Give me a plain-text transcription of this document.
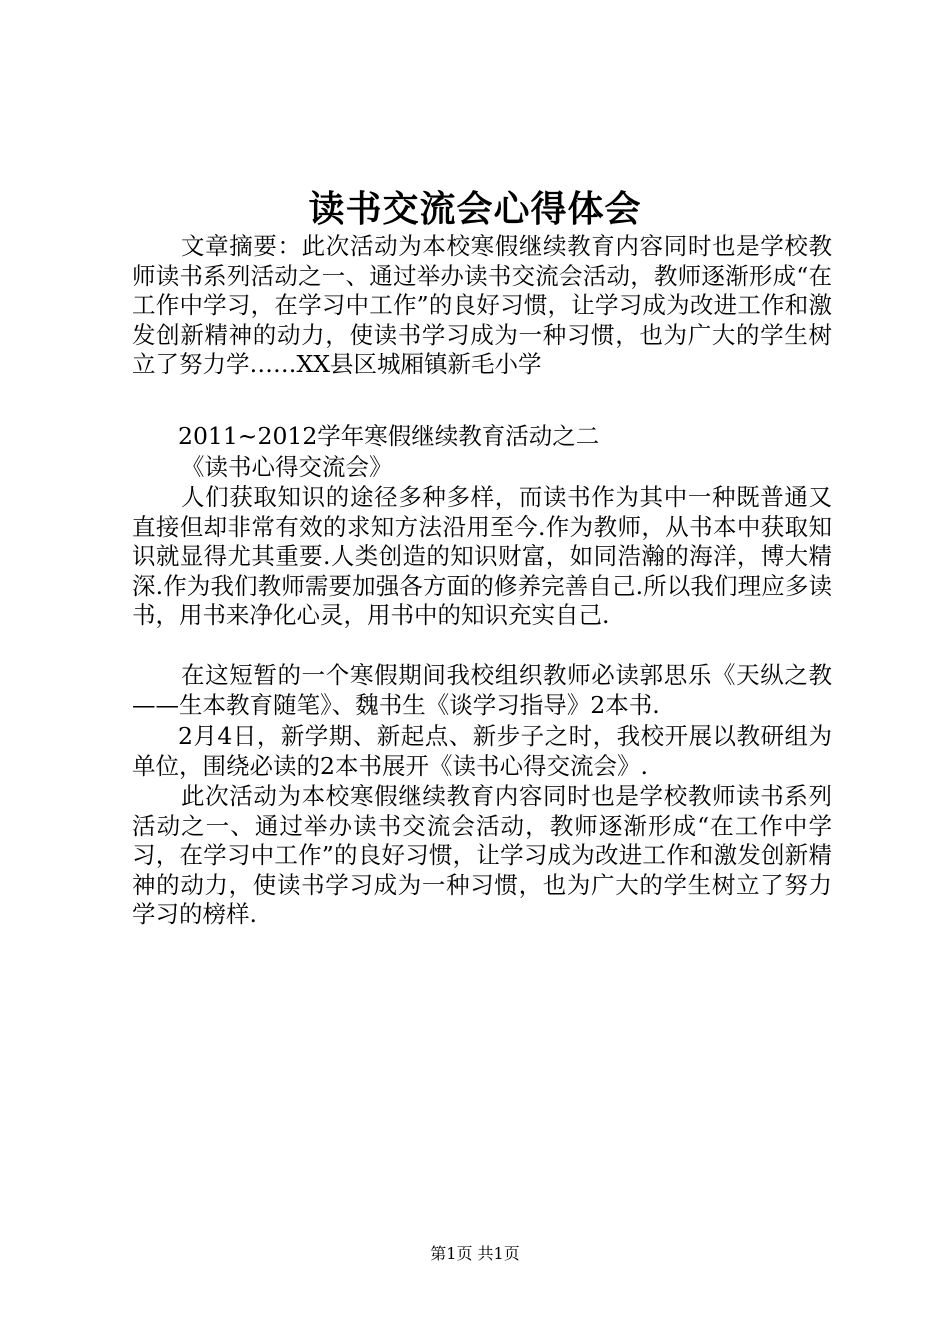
读书交流会心得体会

文章摘要：此次活动为本校寒假继续教育内容同时也是学校教师读书系列活动之一、通过举办读书交流会活动，教师逐渐形成“在工作中学习，在学习中工作”的良好习惯，让学习成为改进工作和激发创新精神的动力，使读书学习成为一种习惯，也为广大的学生树立了努力学……XX县区城厢镇新毛小学

2011~2012学年寒假继续教育活动之二

《读书心得交流会》

人们获取知识的途径多种多样，而读书作为其中一种既普通又直接但却非常有效的求知方法沿用至今.作为教师，从书本中获取知识就显得尤其重要.人类创造的知识财富，如同浩瀚的海洋，博大精深.作为我们教师需要加强各方面的修养完善自己.所以我们理应多读书，用书来净化心灵，用书中的知识充实自己.

在这短暂的一个寒假期间我校组织教师必读郭思乐《天纵之教——生本教育随笔》、魏书生《谈学习指导》2本书.

2月4日，新学期、新起点、新步子之时，我校开展以教研组为单位，围绕必读的2本书展开《读书心得交流会》.

此次活动为本校寒假继续教育内容同时也是学校教师读书系列活动之一、通过举办读书交流会活动，教师逐渐形成“在工作中学习，在学习中工作”的良好习惯，让学习成为改进工作和激发创新精神的动力，使读书学习成为一种习惯，也为广大的学生树立了努力学习的榜样.

第1页 共1页
